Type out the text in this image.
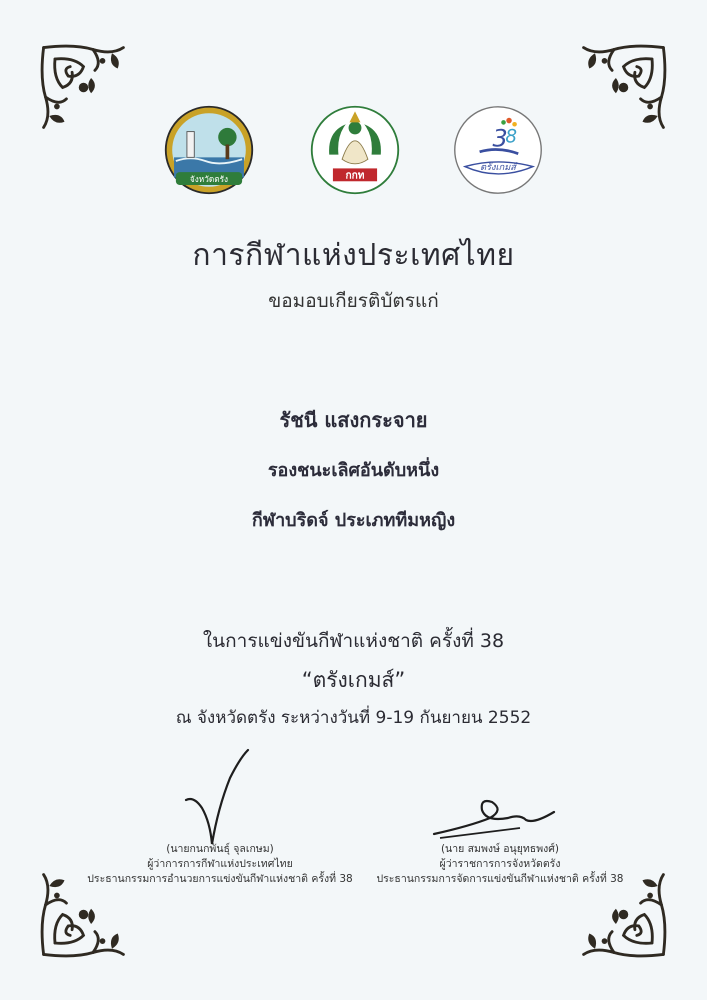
จังหวัดตรัง	กกท
3
8
ตรังเกมส์
การกีฬาแห่งประเทศไทย
ขอมอบเกียรติบัตรแก่
รัชนี แสงกระจาย
รองชนะเลิศอันดับหนึ่ง
กีฬาบริดจ์ ประเภททีมหญิง
ในการแข่งขันกีฬาแห่งชาติ ครั้งที่ 38
“ตรังเกมส์”
ณ จังหวัดตรัง ระหว่างวันที่ 9-19 กันยายน 2552
(นายกนกพันธุ์ จุลเกษม)
ผู้ว่าการการกีฬาแห่งประเทศไทย
ประธานกรรมการอำนวยการแข่งขันกีฬาแห่งชาติ ครั้งที่ 38
(นาย สมพงษ์ อนุยุทธพงศ์)
ผู้ว่าราชการการจังหวัดตรัง
ประธานกรรมการจัดการแข่งขันกีฬาแห่งชาติ ครั้งที่ 38
